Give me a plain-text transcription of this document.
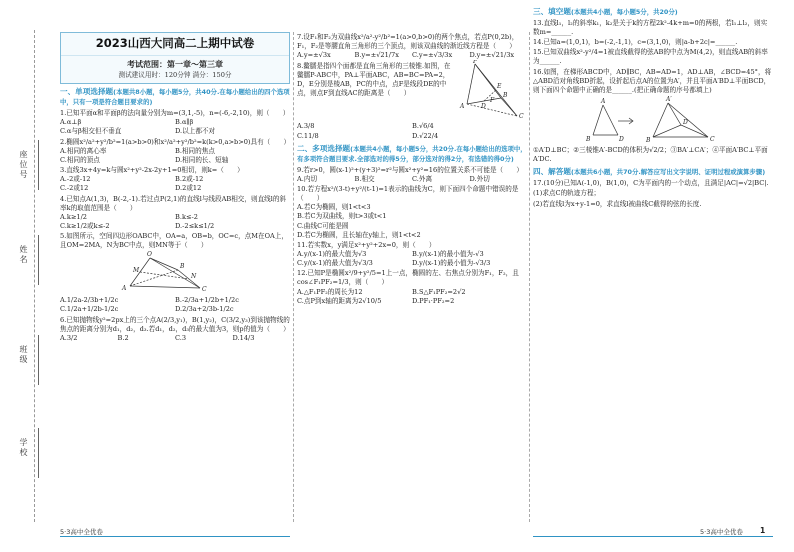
座位号
姓名
班级
学校
2023山西大同高二上期中试卷
考试范围：第一章～第三章
测试建议用时：120分钟 满分：150分
一、单项选择题(本题共8小题，每小题5分，共40分.在每小题给出的四个选项中，只有一项是符合题目要求的)
1.已知平面α和平面β的法向量分别为m=(3,1,-5)，n=(-6,-2,10)，则（　　）
A.α⊥β	B.α∥β
C.α与β相交但不垂直	D.以上都不对
2.椭圆x²/a²+y²/b²=1(a>b>0)和x²/a²+y²/b²=k(k>0,a>b>0)具有（　　）
A.相同的离心率	B.相同的焦点
C.相同的顶点	D.相同的长、短轴
3.直线3x+4y=k与圆x²+y²-2x-2y+1=0相切，则k=（　　）
A.-2或-12	B.2或-12
C.-2或12	D.2或12
4.已知点A(1,3)，B(-2,-1).若过点P(2,1)的直线l与线段AB相交，则直线l的斜率k的取值范围是（　　）
A.k≥1/2	B.k≤-2
C.k≥1/2或k≤-2	D.-2≤k≤1/2
5.如图所示，空间四边形OABC中，OA=a，OB=b，OC=c，点M在OA上，且OM=2MA，N为BC中点，则MN等于（　　）
O
A	C
B
M
N
A.1/2a-2/3b+1/2c	B.-2/3a+1/2b+1/2c
C.1/2a+1/2b-1/2c	D.2/3a+2/3b-1/2c
6.已知抛物线y²=2px上的三个点A(2/3,y₁)，B(1,y₂)，C(3/2,y₃)到该抛物线的焦点的距离分别为d₁，d₂，d₃.若d₁，d₂，d₃的最大值为3，则p的值为（　　）
A.3/2	B.2	C.3	D.14/3
7.设F₁和F₂为双曲线x²/a²-y²/b²=1(a>0,b>0)的两个焦点，若点P(0,2b)，F₁，F₂是等腰直角三角形的三个顶点，则该双曲线的渐近线方程是（　　）
A.y=±√3x	B.y=±√21/7x	C.y=±√3/3x	D.y=±√21/3x
8.鳖臑是指四个面都是直角三角形的三棱锥.如图，在鳖臑P-ABC中，PA⊥平面ABC，AB=BC=PA=2，D，E分别是棱AB，PC的中点，点F是线段DE的中点，则点F到直线AC的距离是（　　）
P
A
C
B
D
E
F
A.3/8	B.√6/4
C.11/8	D.√22/4
二、多项选择题(本题共4小题，每小题5分，共20分.在每小题给出的选项中，有多项符合题目要求.全部选对的得5分，部分选对的得2分，有选错的得0分)
9.若r>0，圆(x-1)²+(y+3)²=r²与圆x²+y²=16的位置关系不可能是（　　）
A.内切	B.相交	C.外离	D.外切
10.若方程x²/(3-t)+y²/(t-1)=1表示的曲线为C，则下面四个命题中错误的是（　　）
A.若C为椭圆，则1<t<3
B.若C为双曲线，则t>3或t<1
C.曲线C可能是圆
D.若C为椭圆，且长轴在y轴上，则1<t<2
11.若实数x，y满足x²+y²+2x=0，则（　　）
A.y/(x-1)的最大值为√3	B.y/(x-1)的最小值为-√3
C.y/(x-1)的最大值为√3/3	D.y/(x-1)的最小值为-√3/3
12.已知P是椭圆x²/9+y²/5=1上一点，椭圆的左、右焦点分别为F₁，F₂，且cos∠F₁PF₂=1/3，则（　　）
A.△F₁PF₂的周长为12	B.S△F₁PF₂=2√2
C.点P到x轴的距离为2√10/5	D.PF₁·PF₂=2
三、填空题(本题共4小题，每小题5分，共20分)
13.直线l₁，l₂的斜率k₁，k₂是关于k的方程2k²-4k+m=0的两根，若l₁⊥l₂，则实数m=______.
14.已知a=(1,0,1)，b=(-2,-1,1)，c=(3,1,0)，则|a-b+2c|=______.
15.已知双曲线x²-y²/4=1被直线截得的弦AB的中点为M(4,2)，则直线AB的斜率为______.
16.如图，在梯形ABCD中，AD∥BC，AB=AD=1，AD⊥AB，∠BCD=45°，将△ABD沿对角线BD折起，设折起后点A的位置为A′，并且平面A′BD⊥平面BCD，则下面四个命题中正确的是______.(把正确命题的序号都填上)
A
B	D
A′
B	C
D
①A′D⊥BC；②三棱锥A′-BCD的体积为√2/2；③BA′⊥CA′；④平面A′BC⊥平面A′DC.
四、解答题(本题共6小题，共70分.解答应写出文字说明、证明过程或演算步骤)
17.(10分)已知A(-1,0)，B(1,0)，C为平面内的一个动点，且满足|AC|=√2|BC|.
(1)求点C的轨迹方程；
(2)若直线l为x+y-1=0，求直线l被曲线C截得的弦的长度.
5·3高中全优卷	5·3高中全优卷 1
